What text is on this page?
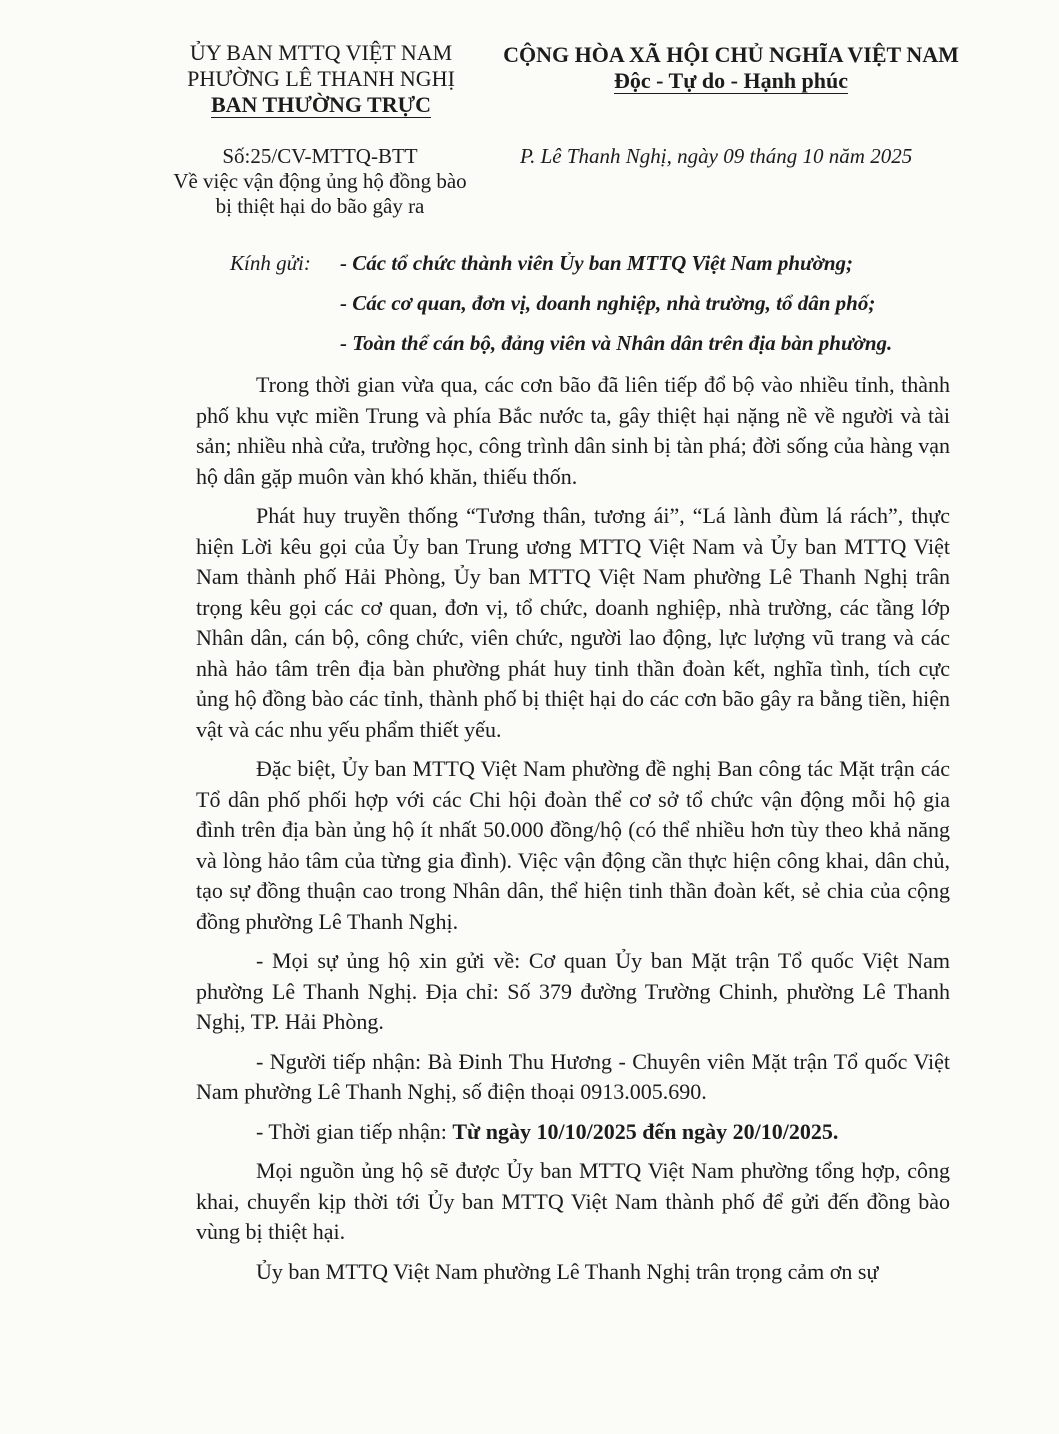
ỦY BAN MTTQ VIỆT NAM
PHƯỜNG LÊ THANH NGHỊ
BAN THƯỜNG TRỰC
CỘNG HÒA XÃ HỘI CHỦ NGHĨA VIỆT NAM
Độc - Tự do - Hạnh phúc
Số:25/CV-MTTQ-BTT
Về việc vận động ủng hộ đồng bào
bị thiệt hại do bão gây ra
P. Lê Thanh Nghị, ngày 09 tháng 10 năm 2025
Kính gửi:	- Các tổ chức thành viên Ủy ban MTTQ Việt Nam phường;
- Các cơ quan, đơn vị, doanh nghiệp, nhà trường, tổ dân phố;
- Toàn thể cán bộ, đảng viên và Nhân dân trên địa bàn phường.

Trong thời gian vừa qua, các cơn bão đã liên tiếp đổ bộ vào nhiều tỉnh, thành phố khu vực miền Trung và phía Bắc nước ta, gây thiệt hại nặng nề về người và tài sản; nhiều nhà cửa, trường học, công trình dân sinh bị tàn phá; đời sống của hàng vạn hộ dân gặp muôn vàn khó khăn, thiếu thốn.

Phát huy truyền thống “Tương thân, tương ái”, “Lá lành đùm lá rách”, thực hiện Lời kêu gọi của Ủy ban Trung ương MTTQ Việt Nam và Ủy ban MTTQ Việt Nam thành phố Hải Phòng, Ủy ban MTTQ Việt Nam phường Lê Thanh Nghị trân trọng kêu gọi các cơ quan, đơn vị, tổ chức, doanh nghiệp, nhà trường, các tầng lớp Nhân dân, cán bộ, công chức, viên chức, người lao động, lực lượng vũ trang và các nhà hảo tâm trên địa bàn phường phát huy tinh thần đoàn kết, nghĩa tình, tích cực ủng hộ đồng bào các tỉnh, thành phố bị thiệt hại do các cơn bão gây ra bằng tiền, hiện vật và các nhu yếu phẩm thiết yếu.

Đặc biệt, Ủy ban MTTQ Việt Nam phường đề nghị Ban công tác Mặt trận các Tổ dân phố phối hợp với các Chi hội đoàn thể cơ sở tổ chức vận động mỗi hộ gia đình trên địa bàn ủng hộ ít nhất 50.000 đồng/hộ (có thể nhiều hơn tùy theo khả năng và lòng hảo tâm của từng gia đình). Việc vận động cần thực hiện công khai, dân chủ, tạo sự đồng thuận cao trong Nhân dân, thể hiện tinh thần đoàn kết, sẻ chia của cộng đồng phường Lê Thanh Nghị.

- Mọi sự ủng hộ xin gửi về: Cơ quan Ủy ban Mặt trận Tổ quốc Việt Nam phường Lê Thanh Nghị. Địa chỉ: Số 379 đường Trường Chinh, phường Lê Thanh Nghị, TP. Hải Phòng.

- Người tiếp nhận: Bà Đinh Thu Hương - Chuyên viên Mặt trận Tổ quốc Việt Nam phường Lê Thanh Nghị, số điện thoại 0913.005.690.

- Thời gian tiếp nhận: Từ ngày 10/10/2025 đến ngày 20/10/2025.

Mọi nguồn ủng hộ sẽ được Ủy ban MTTQ Việt Nam phường tổng hợp, công khai, chuyển kịp thời tới Ủy ban MTTQ Việt Nam thành phố để gửi đến đồng bào vùng bị thiệt hại.

Ủy ban MTTQ Việt Nam phường Lê Thanh Nghị trân trọng cảm ơn sự
